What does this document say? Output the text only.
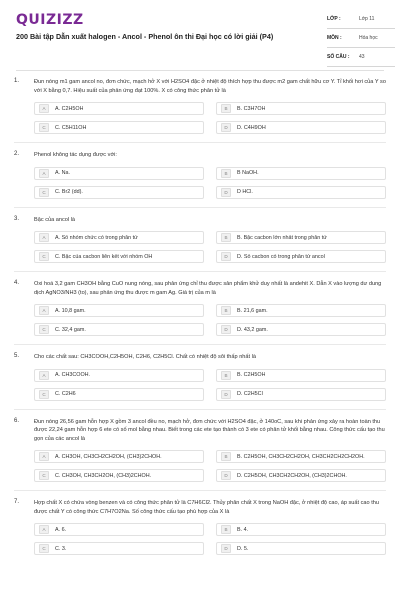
QUIZIZZ
200 Bài tập Dẫn xuất halogen - Ancol - Phenol ôn thi Đại học có lời giải (P4)
LỚP :	Lớp 11
MÔN :	Hóa học
SỐ CÂU : 43
1.	Đun nóng m1 gam ancol no, đơn chức, mạch hở X với H2SO4 đặc ở nhiệt độ thích hợp thu được m2 gam chất hữu cơ Y. Tỉ khối hơi của Y so với X bằng 0,7. Hiệu suất của phản ứng đạt 100%. X có công thức phân tử là
A	A. C2H5OH	B	B. C3H7OH
C	C. C5H11OH	D	D. C4H9OH
2.	Phenol không tác dụng được với:
A	A. Na.	B	B NaOH.
C	C. Br2 (dd).	D	D HCl.
3.	Bậc của ancol là
A	A. Số nhóm chức có trong phân tử	B	B. Bậc cacbon lớn nhất trong phân tử
C	C. Bậc của cacbon liên kết với nhóm OH	D	D. Số cacbon có trong phân tử ancol
4.	Oxi hoá 3,2 gam CH3OH bằng CuO nung nóng, sau phản ứng chỉ thu được sản phẩm khử duy nhất là andehit X. Dẫn X vào lượng dư dung dịch AgNO3/NH3 (to), sau phản ứng thu được m gam Ag. Giá trị của m là
A	A. 10,8 gam.	B	B. 21,6 gam.
C	C. 32,4 gam.	D	D. 43,2 gam.
5.	Cho các chất sau: CH3COOH,C2H5OH, C2H6, C2H5Cl. Chất có nhiệt độ sôi thấp nhất là
A	A. CH3COOH.	B	B. C2H5OH
C	C. C2H6	D	D. C2H5Cl
6.	Đun nóng 26,56 gam hỗn hợp X gồm 3 ancol đều no, mạch hở, đơn chức với H2SO4 đặc, ở 140oC, sau khi phản ứng xảy ra hoàn toàn thu được 22,24 gam hỗn hợp 6 ete có số mol bằng nhau. Biết trong các ete tạo thành có 3 ete có phân tử khối bằng nhau. Công thức cấu tạo thu gọn của các ancol là
A	A. CH3OH, CH3CH2CH2OH, (CH3)2CHOH.	B	B. C2H5OH, CH3CH2CH2OH, CH3CH2CH2CH2OH.
C	C. CH3OH, CH3CH2OH, (CH3)2CHOH.	D	D. C2H5OH, CH3CH2CH2OH, (CH3)2CHOH.
7.	Hợp chất X có chứa vòng benzen và có công thức phân tử là C7H6Cl2. Thủy phân chất X trong NaOH đặc, ở nhiệt độ cao, áp suất cao thu được chất Y có công thức C7H7O2Na. Số công thức cấu tạo phù hợp của X là
A	A. 6.	B	B. 4.
C	C. 3.	D	D. 5.
